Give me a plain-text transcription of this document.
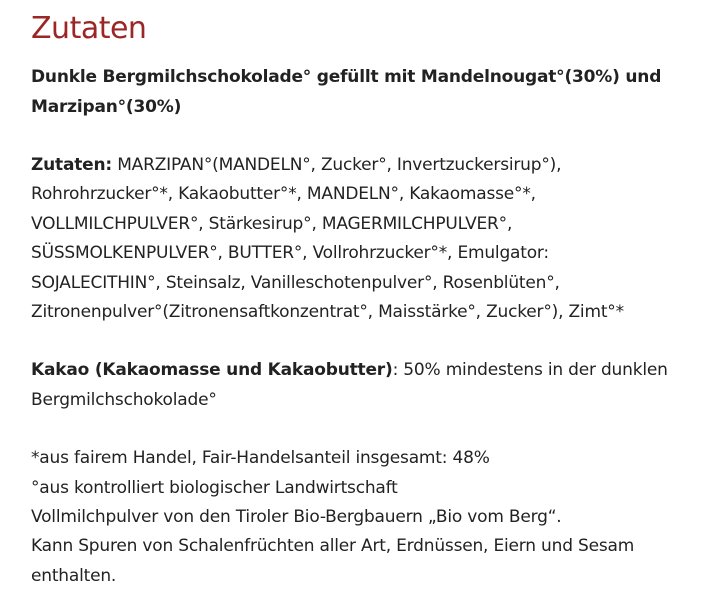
Zutaten

Dunkle Bergmilchschokolade° gefüllt mit Mandelnougat°(30%) und
Marzipan°(30%)

Zutaten: MARZIPAN°(MANDELN°, Zucker°, Invertzuckersirup°),
Rohrohrzucker°*, Kakaobutter°*, MANDELN°, Kakaomasse°*,
VOLLMILCHPULVER°, Stärkesirup°, MAGERMILCHPULVER°,
SÜSSMOLKENPULVER°, BUTTER°, Vollrohrzucker°*, Emulgator:
SOJALECITHIN°, Steinsalz, Vanilleschotenpulver°, Rosenblüten°,
Zitronenpulver°(Zitronensaftkonzentrat°, Maisstärke°, Zucker°), Zimt°*

Kakao (Kakaomasse und Kakaobutter): 50% mindestens in der dunklen
Bergmilchschokolade°

*aus fairem Handel, Fair-Handelsanteil insgesamt: 48%
°aus kontrolliert biologischer Landwirtschaft
Vollmilchpulver von den Tiroler Bio-Bergbauern „Bio vom Berg“.
Kann Spuren von Schalenfrüchten aller Art, Erdnüssen, Eiern und Sesam
enthalten.
